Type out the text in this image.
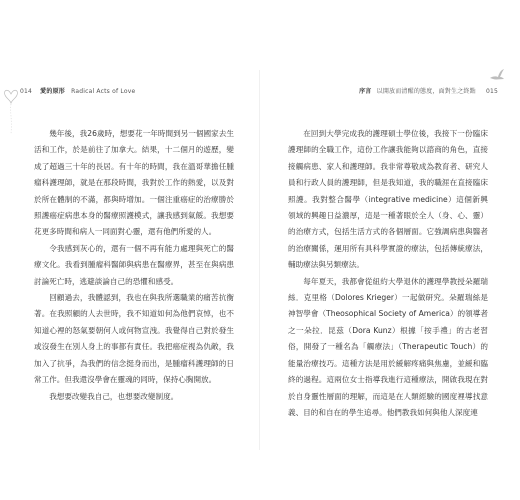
014 愛的原形 Radical Acts of Love

幾年後，我26歲時，想要花一年時間到另一個國家去生活和工作，於是前往了加拿大。結果，十二個月的遊歷，變成了超過三十年的長居。有十年的時間，我在溫哥華擔任腫瘤科護理師，就是在那段時間，我對於工作的熱愛，以及對於所在體制的不滿，都與時增加。一個注重癌症的治療勝於照護癌症病患本身的醫療照護模式，讓我感到氣餒。我想要花更多時間和病人一同面對心靈，還有他們所愛的人。

令我感到灰心的，還有一個不再有能力處理與死亡的醫療文化。我看到腫瘤科醫師與病患在醫療界，甚至在與病患討論死亡時，逃避談論自己的恐懼和感受。

回顧過去，我體認到，我也在與我所選職業的痛苦抗衡著。在我照顧的人去世時，我不知道如何為他們哀悼，也不知道心裡的怒氣要朝何人或何物宣洩。我覺得自己對於發生或沒發生在別人身上的事都有責任。我把癌症視為仇敵，我加入了抗爭，為我們的信念挺身而出，是腫瘤科護理師的日常工作。但我還沒學會在靈魂的同時，保持心胸開放。

我想要改變我自己，也想要改變制度。

序言 以開放而清醒的態度，面對生之終點 015

在回到大學完成我的護理碩士學位後，我接下一份臨床護理師的全職工作，這份工作讓我能夠以諮商的角色，直接接觸病患、家人和護理師。我非常尊敬成為教育者、研究人員和行政人員的護理師，但是我知道，我的職涯在直接臨床照護。我對整合醫學（integrative medicine）這個新興領域的興趣日益濃厚，這是一種著眼於全人（身、心、靈）的治療方式，包括生活方式的各個層面。它強調病患與醫者的治療關係，運用所有具科學實證的療法，包括傳統療法，輔助療法與另類療法。

每年夏天，我都會從紐約大學退休的護理學教授朵羅瑞絲．克里格（Dolores Krieger）一起做研究。朵羅瑞絲是神智學會（Theosophical Society of America）的領導者之一朵拉．昆茲（Dora Kunz）根據「按手禮」的古老習俗，開發了一種名為「觸療法」（Therapeutic Touch）的能量治療技巧。這種方法是用於緩解疼痛與焦慮，並緩和臨終的過程。這兩位女士指導我進行這種療法，開啟我現在對於自身靈性層面的理解，而這是在人類經驗的國度裡導找意義、目的和自在的學生追尋。他們教我如何與他人深度連
